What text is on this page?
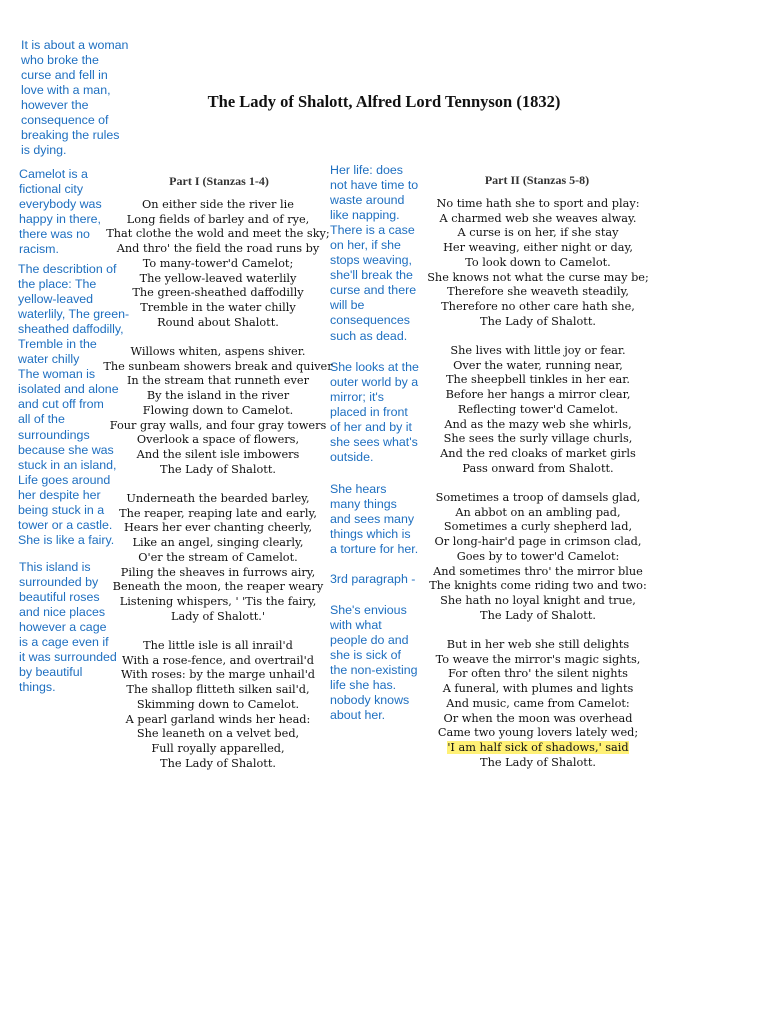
The Lady of Shalott, Alfred Lord Tennyson (1832)
It is about a woman
who broke the
curse and fell in
love with a man,
however the
consequence of
breaking the rules
is dying.
Camelot is a
fictional city
everybody was
happy in there,
there was no
racism.
The describtion of
the place: The
yellow-leaved
waterlily, The green-
sheathed daffodilly,
Tremble in the
water chilly
The woman is
isolated and alone
and cut off from
all of the
surroundings
because she was
stuck in an island,
Life goes around
her despite her
being stuck in a
tower or a castle.
She is like a fairy.
This island is
surrounded by
beautiful roses
and nice places
however a cage
is a cage even if
it was surrounded
by beautiful
things.
Her life: does
not have time to
waste around
like napping.
There is a case
on her, if she
stops weaving,
she'll break the
curse and there
will be
consequences
such as dead.
She looks at the
outer world by a
mirror; it's
placed in front
of her and by it
she sees what's
outside.
She hears
many things
and sees many
things which is
a torture for her.
3rd paragraph -
She's envious
with what
people do and
she is sick of
the non-existing
life she has.
nobody knows
about her.
Part I (Stanzas 1-4)	Part II (Stanzas 5-8)
On either side the river lie
Long fields of barley and of rye,
That clothe the wold and meet the sky;
And thro' the field the road runs by
To many-tower'd Camelot;
The yellow-leaved waterlily
The green-sheathed daffodilly
Tremble in the water chilly
Round about Shalott.
Willows whiten, aspens shiver.
The sunbeam showers break and quiver
In the stream that runneth ever
By the island in the river
Flowing down to Camelot.
Four gray walls, and four gray towers
Overlook a space of flowers,
And the silent isle imbowers
The Lady of Shalott.
Underneath the bearded barley,
The reaper, reaping late and early,
Hears her ever chanting cheerly,
Like an angel, singing clearly,
O'er the stream of Camelot.
Piling the sheaves in furrows airy,
Beneath the moon, the reaper weary
Listening whispers, ' 'Tis the fairy,
Lady of Shalott.'
The little isle is all inrail'd
With a rose-fence, and overtrail'd
With roses: by the marge unhail'd
The shallop flitteth silken sail'd,
Skimming down to Camelot.
A pearl garland winds her head:
She leaneth on a velvet bed,
Full royally apparelled,
The Lady of Shalott.
No time hath she to sport and play:
A charmed web she weaves alway.
A curse is on her, if she stay
Her weaving, either night or day,
To look down to Camelot.
She knows not what the curse may be;
Therefore she weaveth steadily,
Therefore no other care hath she,
The Lady of Shalott.
She lives with little joy or fear.
Over the water, running near,
The sheepbell tinkles in her ear.
Before her hangs a mirror clear,
Reflecting tower'd Camelot.
And as the mazy web she whirls,
She sees the surly village churls,
And the red cloaks of market girls
Pass onward from Shalott.
Sometimes a troop of damsels glad,
An abbot on an ambling pad,
Sometimes a curly shepherd lad,
Or long-hair'd page in crimson clad,
Goes by to tower'd Camelot:
And sometimes thro' the mirror blue
The knights come riding two and two:
She hath no loyal knight and true,
The Lady of Shalott.
But in her web she still delights
To weave the mirror's magic sights,
For often thro' the silent nights
A funeral, with plumes and lights
And music, came from Camelot:
Or when the moon was overhead
Came two young lovers lately wed;
'I am half sick of shadows,' said
The Lady of Shalott.
